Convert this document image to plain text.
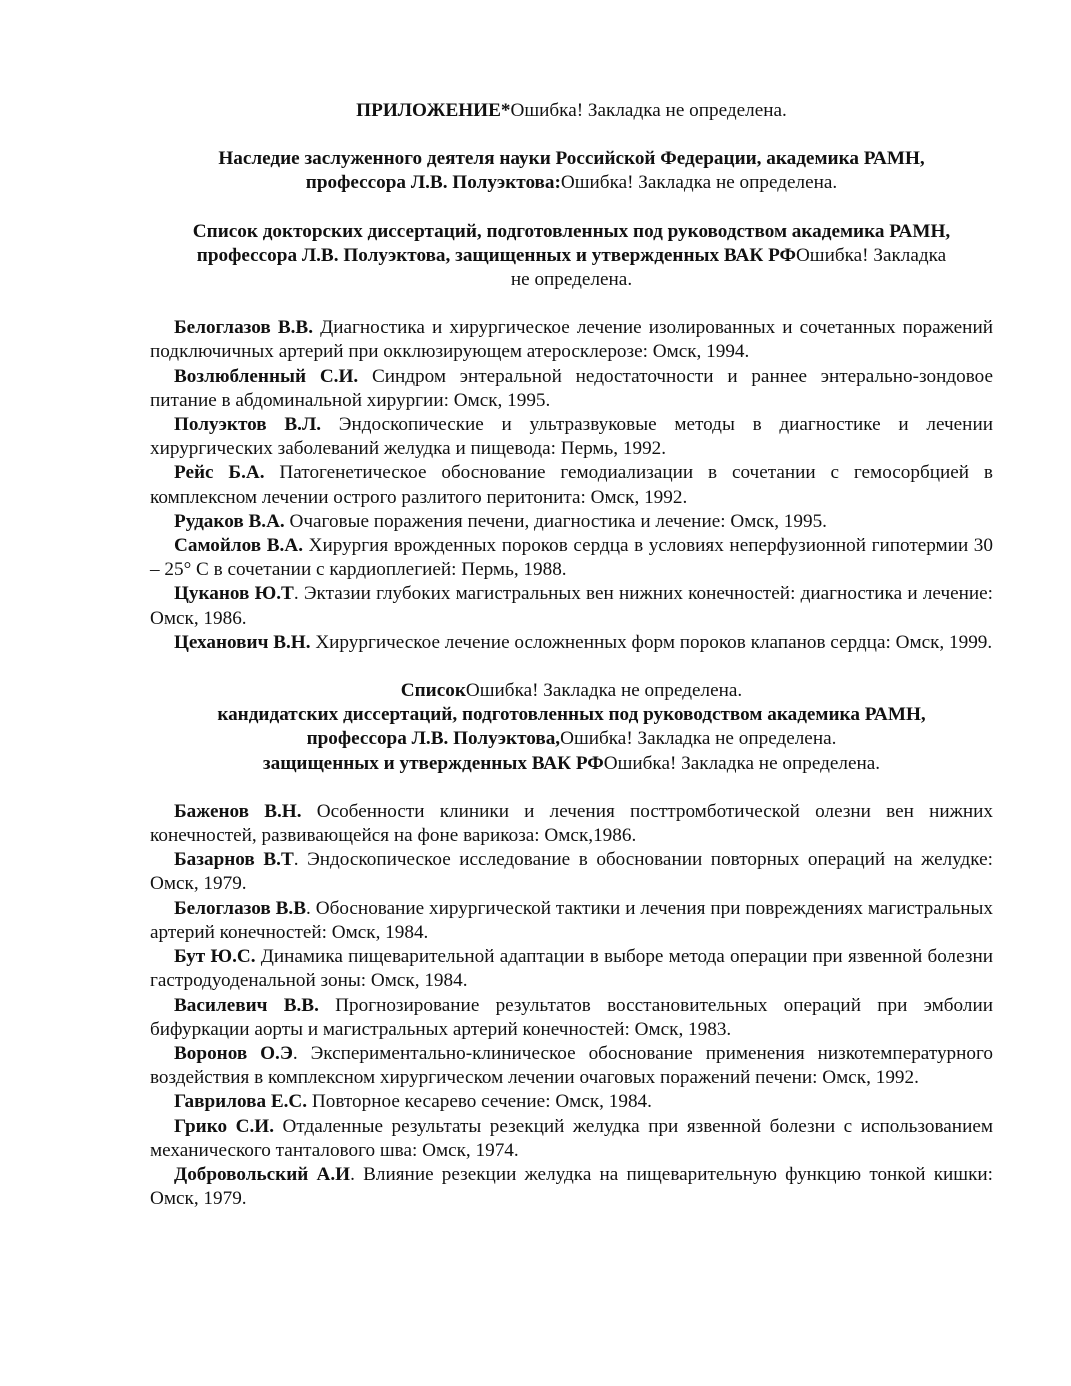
ПРИЛОЖЕНИЕ*Ошибка! Закладка не определена.

Наследие заслуженного деятеля науки Российской Федерации, академика РАМН,
профессора Л.В. Полуэктова:Ошибка! Закладка не определена.

Список докторских диссертаций, подготовленных под руководством академика РАМН,
профессора Л.В. Полуэктова, защищенных и утвержденных ВАК РФОшибка! Закладка
не определена.

Белоглазов В.В. Диагностика и хирургическое лечение изолированных и сочетанных поражений подключичных артерий при окклюзирующем атеросклерозе: Омск, 1994.

Возлюбленный С.И. Синдром энтеральной недостаточности и раннее энтерально-зондовое питание в абдоминальной хирургии: Омск, 1995.

Полуэктов В.Л. Эндоскопические и ультразвуковые методы в диагностике и лечении хирургических заболеваний желудка и пищевода: Пермь, 1992.

Рейс Б.А. Патогенетическое обоснование гемодиализации в сочетании с гемосорбцией в комплексном лечении острого разлитого перитонита: Омск, 1992.

Рудаков В.А. Очаговые поражения печени, диагностика и лечение: Омск, 1995.

Самойлов В.А. Хирургия врожденных пороков сердца в условиях неперфузионной гипотермии 30 – 25° С в сочетании с кардиоплегией: Пермь, 1988.

Цуканов Ю.Т. Эктазии глубоких магистральных вен нижних конечностей: диагностика и лечение: Омск, 1986.

Цеханович В.Н. Хирургическое лечение осложненных форм пороков клапанов сердца: Омск, 1999.

СписокОшибка! Закладка не определена.
кандидатских диссертаций, подготовленных под руководством академика РАМН,
профессора Л.В. Полуэктова,Ошибка! Закладка не определена.
защищенных и утвержденных ВАК РФОшибка! Закладка не определена.

Баженов В.Н. Особенности клиники и лечения посттромботической олезни вен нижних конечностей, развивающейся на фоне варикоза: Омск,1986.

Базарнов В.Т. Эндоскопическое исследование в обосновании повторных операций на желудке: Омск, 1979.

Белоглазов В.В. Обоснование хирургической тактики и лечения при повреждениях магистральных артерий конечностей: Омск, 1984.

Бут Ю.С. Динамика пищеварительной адаптации в выборе метода операции при язвенной болезни гастродуоденальной зоны: Омск, 1984.

Василевич В.В. Прогнозирование результатов восстановительных операций при эмболии бифуркации аорты и магистральных артерий конечностей: Омск, 1983.

Воронов О.Э. Экспериментально-клиническое обоснование применения низкотемпературного воздействия в комплексном хирургическом лечении очаговых поражений печени: Омск, 1992.

Гаврилова Е.С. Повторное кесарево сечение: Омск, 1984.

Грико С.И. Отдаленные результаты резекций желудка при язвенной болезни с использованием механического танталового шва: Омск, 1974.

Добровольский А.И. Влияние резекции желудка на пищеварительную функцию тонкой кишки: Омск, 1979.
